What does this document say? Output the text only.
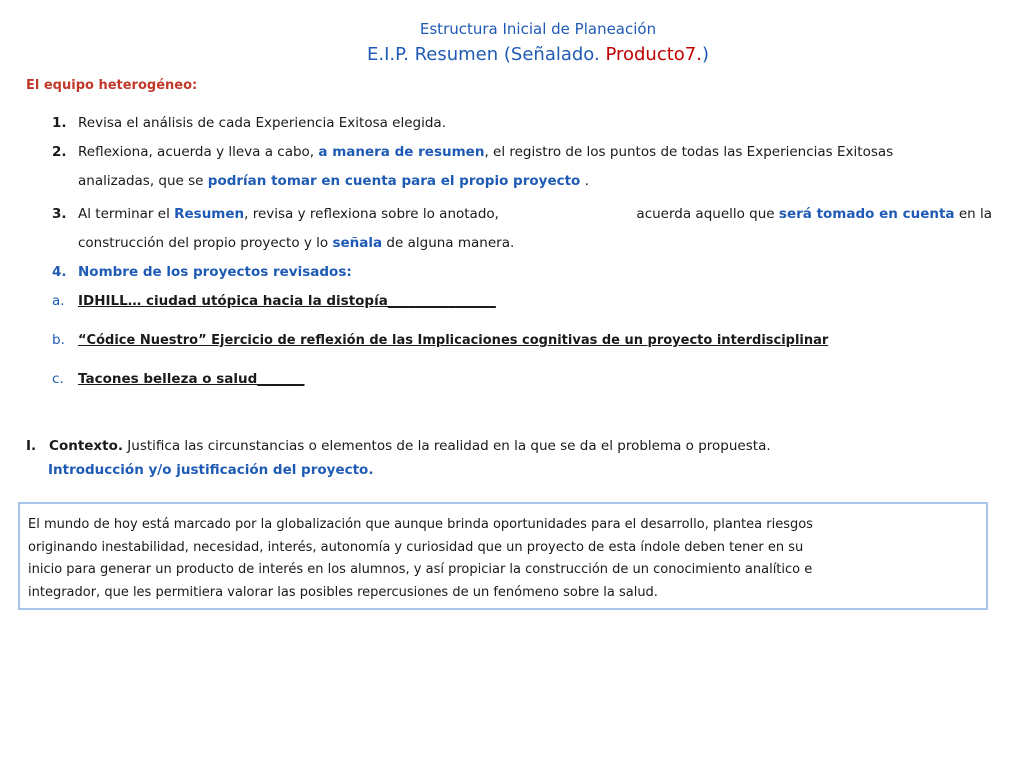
Estructura Inicial de Planeación
E.I.P. Resumen (Señalado. Producto7.)
El equipo heterogéneo:
1. Revisa el análisis de cada Experiencia Exitosa elegida.
2. Reflexiona, acuerda y lleva a cabo, a manera de resumen, el registro de los puntos de todas las Experiencias Exitosas
analizadas, que se podrían tomar en cuenta para el propio proyecto .
3. Al terminar el Resumen, revisa y reflexiona sobre lo anotado,	acuerda aquello que será tomado en cuenta en la
construcción del propio proyecto y lo señala de alguna manera.
4. Nombre de los proyectos revisados:
a. IDHILL… ciudad utópica hacia la distopía________________
b. “Códice Nuestro” Ejercicio de reflexión de las Implicaciones cognitivas de un proyecto interdisciplinar
c. Tacones belleza o salud_______
I. Contexto. Justifica las circunstancias o elementos de la realidad en la que se da el problema o propuesta.
Introducción y/o justificación del proyecto.
El mundo de hoy está marcado por la globalización que aunque brinda oportunidades para el desarrollo, plantea riesgos
originando inestabilidad, necesidad, interés, autonomía y curiosidad que un proyecto de esta índole deben tener en su
inicio para generar un producto de interés en los alumnos, y así propiciar la construcción de un conocimiento analítico e
integrador, que les permitiera valorar las posibles repercusiones de un fenómeno sobre la salud.
